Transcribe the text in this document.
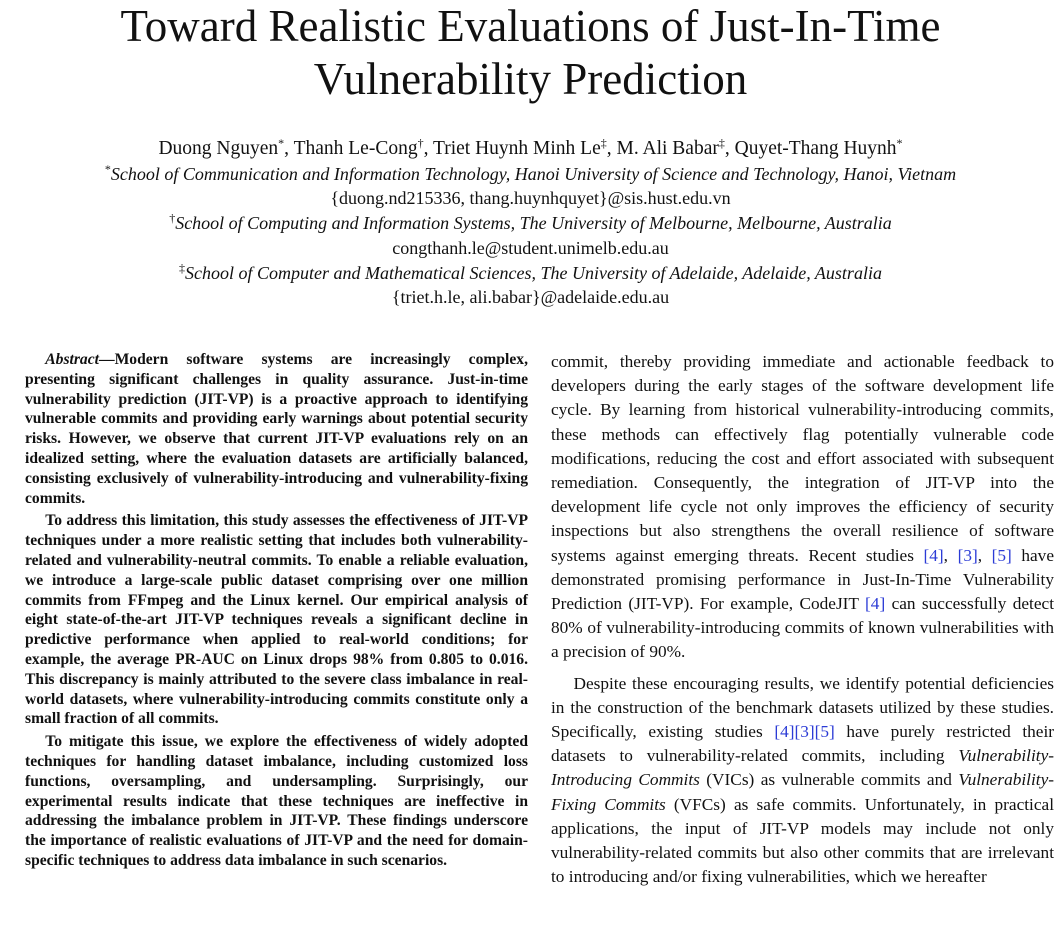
Toward Realistic Evaluations of Just-In-Time
Vulnerability Prediction
Duong Nguyen*, Thanh Le-Cong†, Triet Huynh Minh Le‡, M. Ali Babar‡, Quyet-Thang Huynh*
*School of Communication and Information Technology, Hanoi University of Science and Technology, Hanoi, Vietnam
{duong.nd215336, thang.huynhquyet}@sis.hust.edu.vn
†School of Computing and Information Systems, The University of Melbourne, Melbourne, Australia
congthanh.le@student.unimelb.edu.au
‡School of Computer and Mathematical Sciences, The University of Adelaide, Adelaide, Australia
{triet.h.le, ali.babar}@adelaide.edu.au

Abstract—Modern software systems are increasingly complex, presenting significant challenges in quality assurance. Just-in-time vulnerability prediction (JIT-VP) is a proactive approach to identifying vulnerable commits and providing early warnings about potential security risks. However, we observe that current JIT-VP evaluations rely on an idealized setting, where the evaluation datasets are artificially balanced, consisting exclusively of vulnerability-introducing and vulnerability-fixing commits.

To address this limitation, this study assesses the effectiveness of JIT-VP techniques under a more realistic setting that includes both vulnerability-related and vulnerability-neutral commits. To enable a reliable evaluation, we introduce a large-scale public dataset comprising over one million commits from FFmpeg and the Linux kernel. Our empirical analysis of eight state-of-the-art JIT-VP techniques reveals a significant decline in predictive performance when applied to real-world conditions; for example, the average PR-AUC on Linux drops 98% from 0.805 to 0.016. This discrepancy is mainly attributed to the severe class imbalance in real-world datasets, where vulnerability-introducing commits constitute only a small fraction of all commits.

To mitigate this issue, we explore the effectiveness of widely adopted techniques for handling dataset imbalance, including customized loss functions, oversampling, and undersampling. Surprisingly, our experimental results indicate that these techniques are ineffective in addressing the imbalance problem in JIT-VP. These findings underscore the importance of realistic evaluations of JIT-VP and the need for domain-specific techniques to address data imbalance in such scenarios.

commit, thereby providing immediate and actionable feedback to developers during the early stages of the software development life cycle. By learning from historical vulnerability-introducing commits, these methods can effectively flag potentially vulnerable code modifications, reducing the cost and effort associated with subsequent remediation. Consequently, the integration of JIT-VP into the development life cycle not only improves the efficiency of security inspections but also strengthens the overall resilience of software systems against emerging threats. Recent studies [4], [3], [5] have demonstrated promising performance in Just-In-Time Vulnerability Prediction (JIT-VP). For example, CodeJIT [4] can successfully detect 80% of vulnerability-introducing commits of known vulnerabilities with a precision of 90%.

Despite these encouraging results, we identify potential deficiencies in the construction of the benchmark datasets utilized by these studies. Specifically, existing studies [4][3][5] have purely restricted their datasets to vulnerability-related commits, including Vulnerability-Introducing Commits (VICs) as vulnerable commits and Vulnerability-Fixing Commits (VFCs) as safe commits. Unfortunately, in practical applications, the input of JIT-VP models may include not only vulnerability-related commits but also other commits that are irrelevant to introducing and/or fixing vulnerabilities, which we hereafter
